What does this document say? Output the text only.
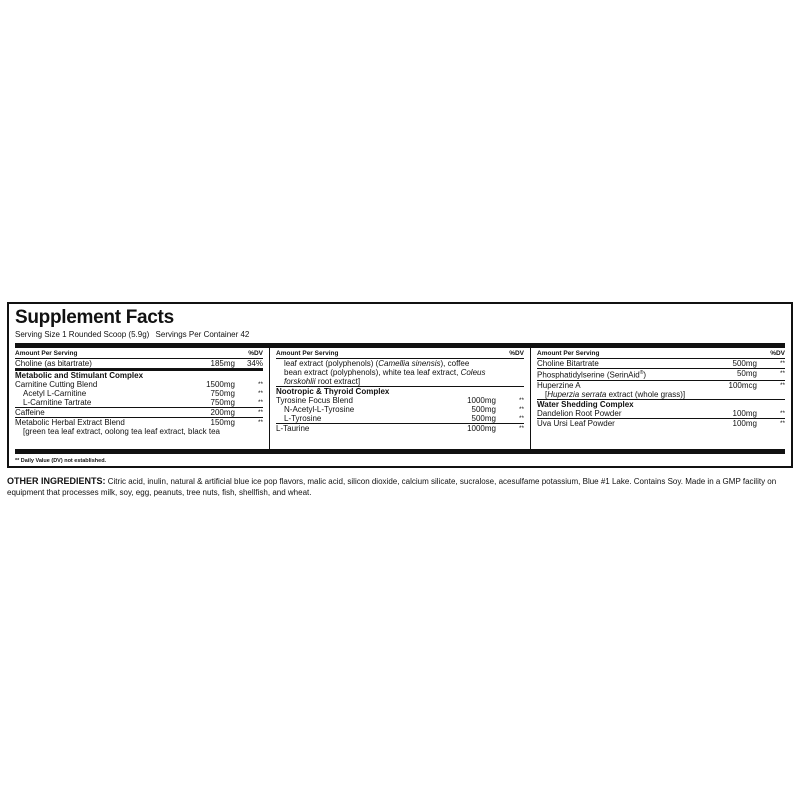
Supplement Facts
Serving Size 1 Rounded Scoop (5.9g) Servings Per Container 42
Amount Per Serving	%DV
Choline (as bitartrate)	185mg	34%
Metabolic and Stimulant Complex
Carnitine Cutting Blend	1500mg	**
Acetyl L-Carnitine	750mg	**
L-Carnitine Tartrate	750mg	**
Caffeine	200mg	**
Metabolic Herbal Extract Blend	150mg	**
[green tea leaf extract, oolong tea leaf extract, black tea
Amount Per Serving	%DV
leaf extract (polyphenols) (Camellia sinensis), coffee
bean extract (polyphenols), white tea leaf extract, Coleus
forskohlii root extract]
Nootropic & Thyroid Complex
Tyrosine Focus Blend	1000mg	**
N-Acetyl-L-Tyrosine	500mg	**
L-Tyrosine	500mg	**
L-Taurine	1000mg	**
Amount Per Serving	%DV
Choline Bitartrate	500mg	**
Phosphatidylserine (SerinAid®)	50mg	**
Huperzine A	100mcg	**
[Huperzia serrata extract (whole grass)]
Water Shedding Complex
Dandelion Root Powder	100mg	**
Uva Ursi Leaf Powder	100mg	**
** Daily Value (DV) not established.
OTHER INGREDIENTS: Citric acid, inulin, natural & artificial blue ice pop flavors, malic acid, silicon dioxide, calcium silicate, sucralose, acesulfame potassium, Blue #1 Lake. Contains Soy. Made in a GMP facility on equipment that processes milk, soy, egg, peanuts, tree nuts, fish, shellfish, and wheat.
